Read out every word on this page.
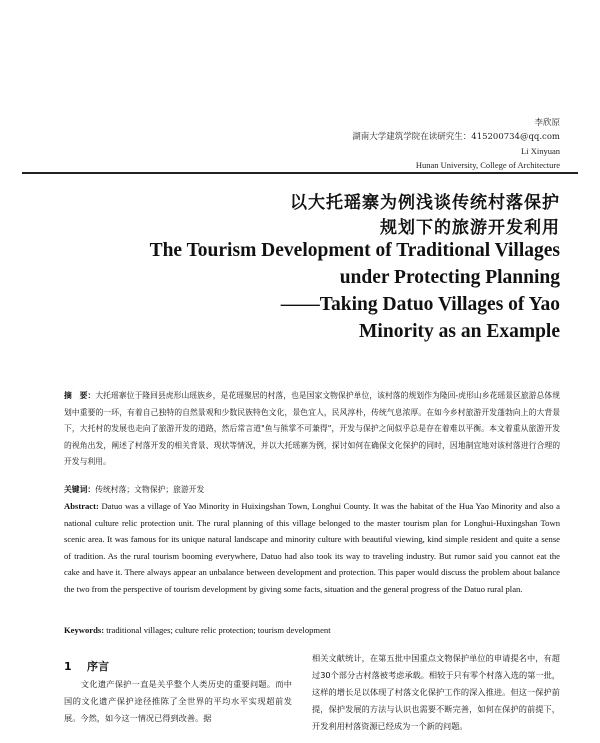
李欣原
湖南大学建筑学院在读研究生：415200734@qq.com
Li Xinyuan
Hunan University, College of Architecture
以大托瑶寨为例浅谈传统村落保护
规划下的旅游开发利用
The Tourism Development of Traditional Villages
under Protecting Planning
——Taking Datuo Villages of Yao
Minority as an Example
摘　要：大托瑶寨位于隆回县虎形山瑶族乡，是花瑶聚居的村落，也是国家文物保护单位，该村落的规划作为隆回-虎形山乡花瑶景区旅游总体规划中重要的一环，有着自己独特的自然景观和少数民族特色文化，景色宜人，民风淳朴，传统气息浓厚。在如今乡村旅游开发蓬勃向上的大背景下，大托村的发展也走向了旅游开发的道路，然后常言道"鱼与熊掌不可兼得"，开发与保护之间似乎总是存在着难以平衡。本文着重从旅游开发的视角出发，阐述了村落开发的相关背景、现状等情况，并以大托瑶寨为例，探讨如何在确保文化保护的同时，因地制宜地对该村落进行合理的开发与利用。
关键词：传统村落；文物保护；旅游开发
Abstract: Datuo was a village of Yao Minority in Huixingshan Town, Longhui County. It was the habitat of the Hua Yao Minority and also a national culture relic protection unit. The rural planning of this village belonged to the master tourism plan for Longhui-Huxingshan Town scenic area. It was famous for its unique natural landscape and minority culture with beautiful viewing, kind simple resident and quite a sense of tradition. As the rural tourism booming everywhere, Datuo had also took its way to traveling industry. But rumor said you cannot eat the cake and have it. There always appear an unbalance between development and protection. This paper would discuss the problem about balance the two from the perspective of tourism development by giving some facts, situation and the general progress of the Datuo rural plan.
Keywords: traditional villages; culture relic protection; tourism development
1 序言
　　文化遗产保护一直是关乎整个人类历史的重要问题。而中国的文化遗产保护途径推陈了全世界的平均水平实现超前发展。今然，如今这一情况已得到改善。据
相关文献统计，在第五批中国重点文物保护单位的申请提名中，有超过30个部分古村落被考虑承载。相较于只有零个村落入选的第一批，这样的增长足以体现了村落文化保护工作的深入推进。但这一保护前提，保护发展的方法与认识也需要不断完善，如何在保护的前提下，开发利用村落资源已经成为一个新的问题。
